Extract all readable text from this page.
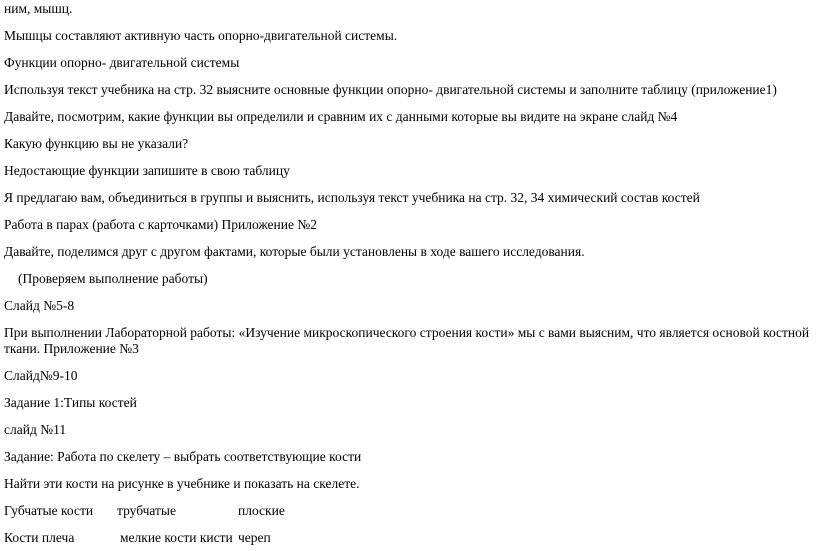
ним, мышц.
Мышцы составляют активную часть опорно-двигательной системы.
Функции опорно- двигательной системы
Используя текст учебника на стр. 32 выясните основные функции опорно- двигательной системы и заполните таблицу (приложение1)
Давайте, посмотрим, какие функции вы определили и сравним их с данными которые вы видите на экране слайд №4
Какую функцию вы не указали?
Недостающие функции запишите в свою таблицу
Я предлагаю вам, объединиться в группы и выяснить, используя текст учебника на стр. 32, 34 химический состав костей
Работа в парах (работа с карточками) Приложение №2
Давайте, поделимся друг с другом фактами, которые были установлены в ходе вашего исследования.
(Проверяем выполнение работы)
Слайд №5-8
При выполнении Лабораторной работы: «Изучение микроскопического строения кости» мы с вами выясним, что является основой костной ткани. Приложение №3
Слайд№9-10
Задание 1:Типы костей
слайд №11
Задание: Работа по скелету – выбрать соответствующие кости
Найти эти кости на рисунке в учебнике и показать на скелете.
Губчатые кости трубчатые	плоские
Кости плеча	мелкие кости кисти череп
